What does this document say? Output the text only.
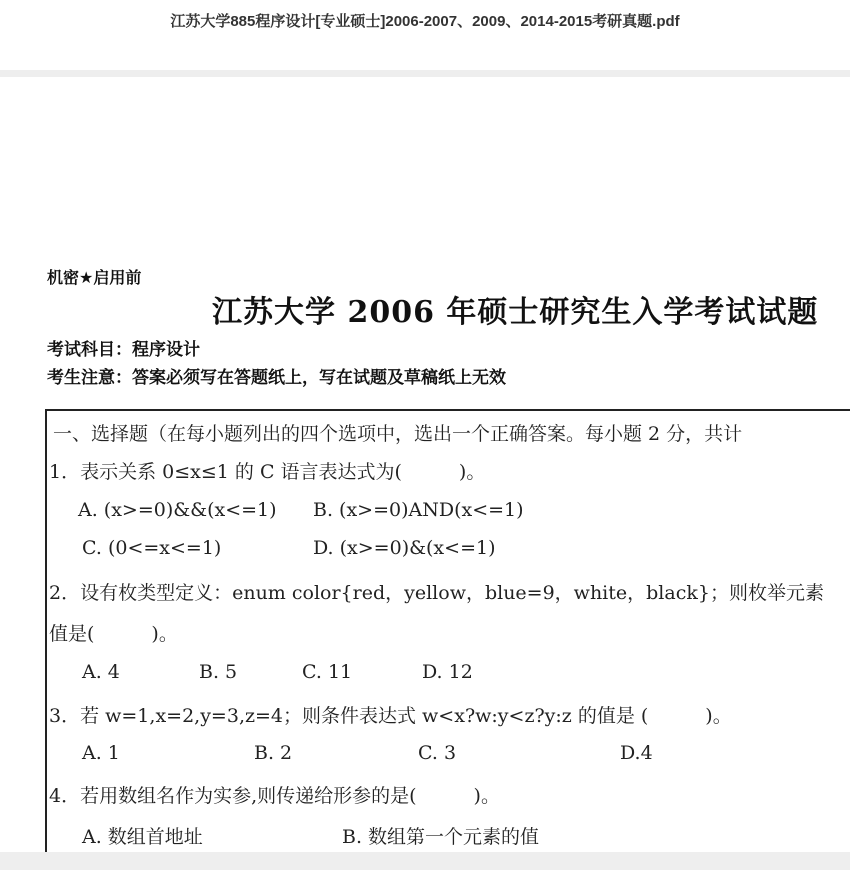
江苏大学885程序设计[专业硕士]2006-2007、2009、2014-2015考研真题.pdf
机密★启用前
江苏大学 2006 年硕士研究生入学考试试题
考试科目：程序设计
考生注意：答案必须写在答题纸上，写在试题及草稿纸上无效
一、选择题（在每小题列出的四个选项中，选出一个正确答案。每小题 2 分，共计
1．表示关系 0≤x≤1 的 C 语言表达式为(　　　)。
A. (x>=0)&&(x<=1) B. (x>=0)AND(x<=1)
C. (0<=x<=1)	D. (x>=0)&(x<=1)
2．设有枚类型定义：enum color{red，yellow，blue=9，white，black}；则枚举元素
值是(　　　)。
A. 4	B. 5	C. 11	D. 12
3．若 w=1,x=2,y=3,z=4；则条件表达式 w<x?w:y<z?y:z 的值是 (　　　)。
A. 1	B. 2	C. 3	D.4
4．若用数组名作为实参,则传递给形参的是(　　　)。
A. 数组首地址	B. 数组第一个元素的值
